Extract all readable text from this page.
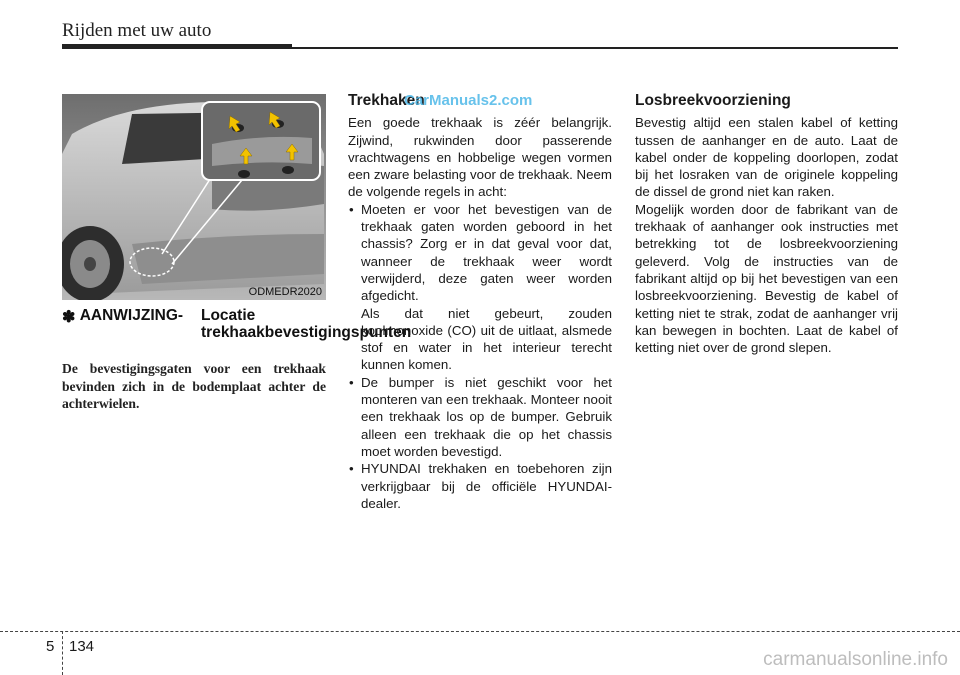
Rijden met uw auto
ODMEDR2020
✽ AANWIJZING- Locatie trekhaakbevestigingspunten
De bevestigingsgaten voor een trekhaak bevinden zich in de bodemplaat achter de achterwielen.
Trekhaken

Een goede trekhaak is zéér belangrijk. Zijwind, rukwinden door passerende vrachtwagens en hobbelige wegen vormen een zware belasting voor de trekhaak. Neem de volgende regels in acht:

• Moeten er voor het bevestigen van de trekhaak gaten worden geboord in het chassis? Zorg er in dat geval voor dat, wanneer de trekhaak weer wordt verwijderd, deze gaten weer worden afgedicht.

Als dat niet gebeurt, zouden koolmonoxide (CO) uit de uitlaat, alsmede stof en water in het interieur terecht kunnen komen.

• De bumper is niet geschikt voor het monteren van een trekhaak. Monteer nooit een trekhaak los op de bumper. Gebruik alleen een trekhaak die op het chassis moet worden bevestigd.
• HYUNDAI trekhaken en toebehoren zijn verkrijgbaar bij de officiële HYUNDAI-dealer.
CarManuals2.com	Losbreekvoorziening

Bevestig altijd een stalen kabel of ketting tussen de aanhanger en de auto. Laat de kabel onder de koppeling doorlopen, zodat bij het losraken van de originele koppeling de dissel de grond niet kan raken.

Mogelijk worden door de fabrikant van de trekhaak of aanhanger ook instructies met betrekking tot de losbreekvoorziening geleverd. Volg de instructies van de fabrikant altijd op bij het bevestigen van een losbreekvoorziening. Bevestig de kabel of ketting niet te strak, zodat de aanhanger vrij kan bewegen in bochten. Laat de kabel of ketting niet over de grond slepen.

5 134
carmanualsonline.info
